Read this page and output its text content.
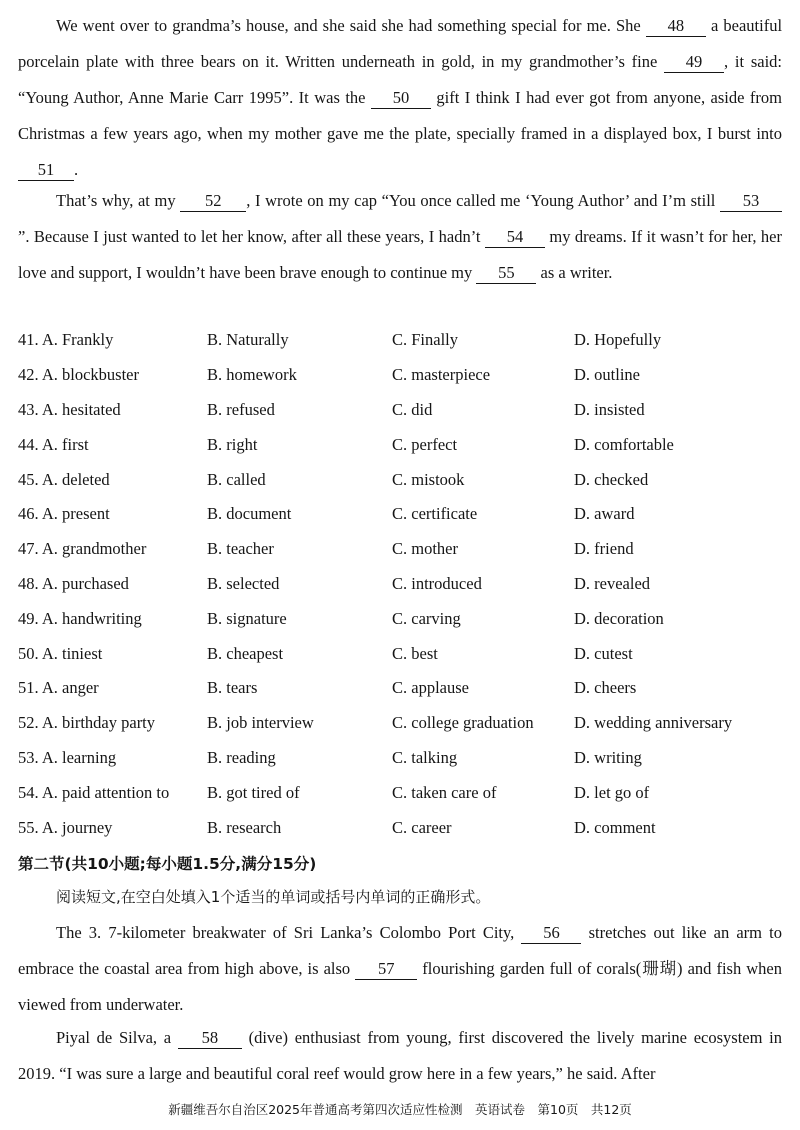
We went over to grandma’s house, and she said she had something special for me. She 48 a beautiful porcelain plate with three bears on it. Written underneath in gold, in my grandmother’s fine 49 , it said: “Young Author, Anne Marie Carr 1995”. It was the 50 gift I think I had ever got from anyone, aside from Christmas a few years ago, when my mother gave me the plate, specially framed in a displayed box, I burst into 51 .

That’s why, at my 52 , I wrote on my cap “You once called me ‘Young Author’ and I’m still 53”. Because I just wanted to let her know, after all these years, I hadn’t 54 my dreams. If it wasn’t for her, her love and support, I wouldn’t have been brave enough to continue my 55 as a writer.

41. A. Frankly	B. Naturally	C. Finally	D. Hopefully
42. A. blockbuster	B. homework	C. masterpiece	D. outline
43. A. hesitated	B. refused	C. did	D. insisted
44. A. first	B. right	C. perfect	D. comfortable
45. A. deleted	B. called	C. mistook	D. checked
46. A. present	B. document	C. certificate	D. award
47. A. grandmother	B. teacher	C. mother	D. friend
48. A. purchased	B. selected	C. introduced	D. revealed
49. A. handwriting	B. signature	C. carving	D. decoration
50. A. tiniest	B. cheapest	C. best	D. cutest
51. A. anger	B. tears	C. applause	D. cheers
52. A. birthday party	B. job interview	C. college graduation	D. wedding anniversary
53. A. learning	B. reading	C. talking	D. writing
54. A. paid attention to	B. got tired of	C. taken care of	D. let go of
55. A. journey	B. research	C. career	D. comment

第二节(共10小题;每小题1.5分,满分15分)

阅读短文,在空白处填入1个适当的单词或括号内单词的正确形式。

The 3. 7-kilometer breakwater of Sri Lanka’s Colombo Port City, 56 stretches out like an arm to embrace the coastal area from high above, is also 57 flourishing garden full of corals(珊瑚) and fish when viewed from underwater.

Piyal de Silva, a 58 (dive) enthusiast from young, first discovered the lively marine ecosystem in 2019. “I was sure a large and beautiful coral reef would grow here in a few years,” he said. After

新疆维吾尔自治区2025年普通高考第四次适应性检测　英语试卷　第10页　共12页
